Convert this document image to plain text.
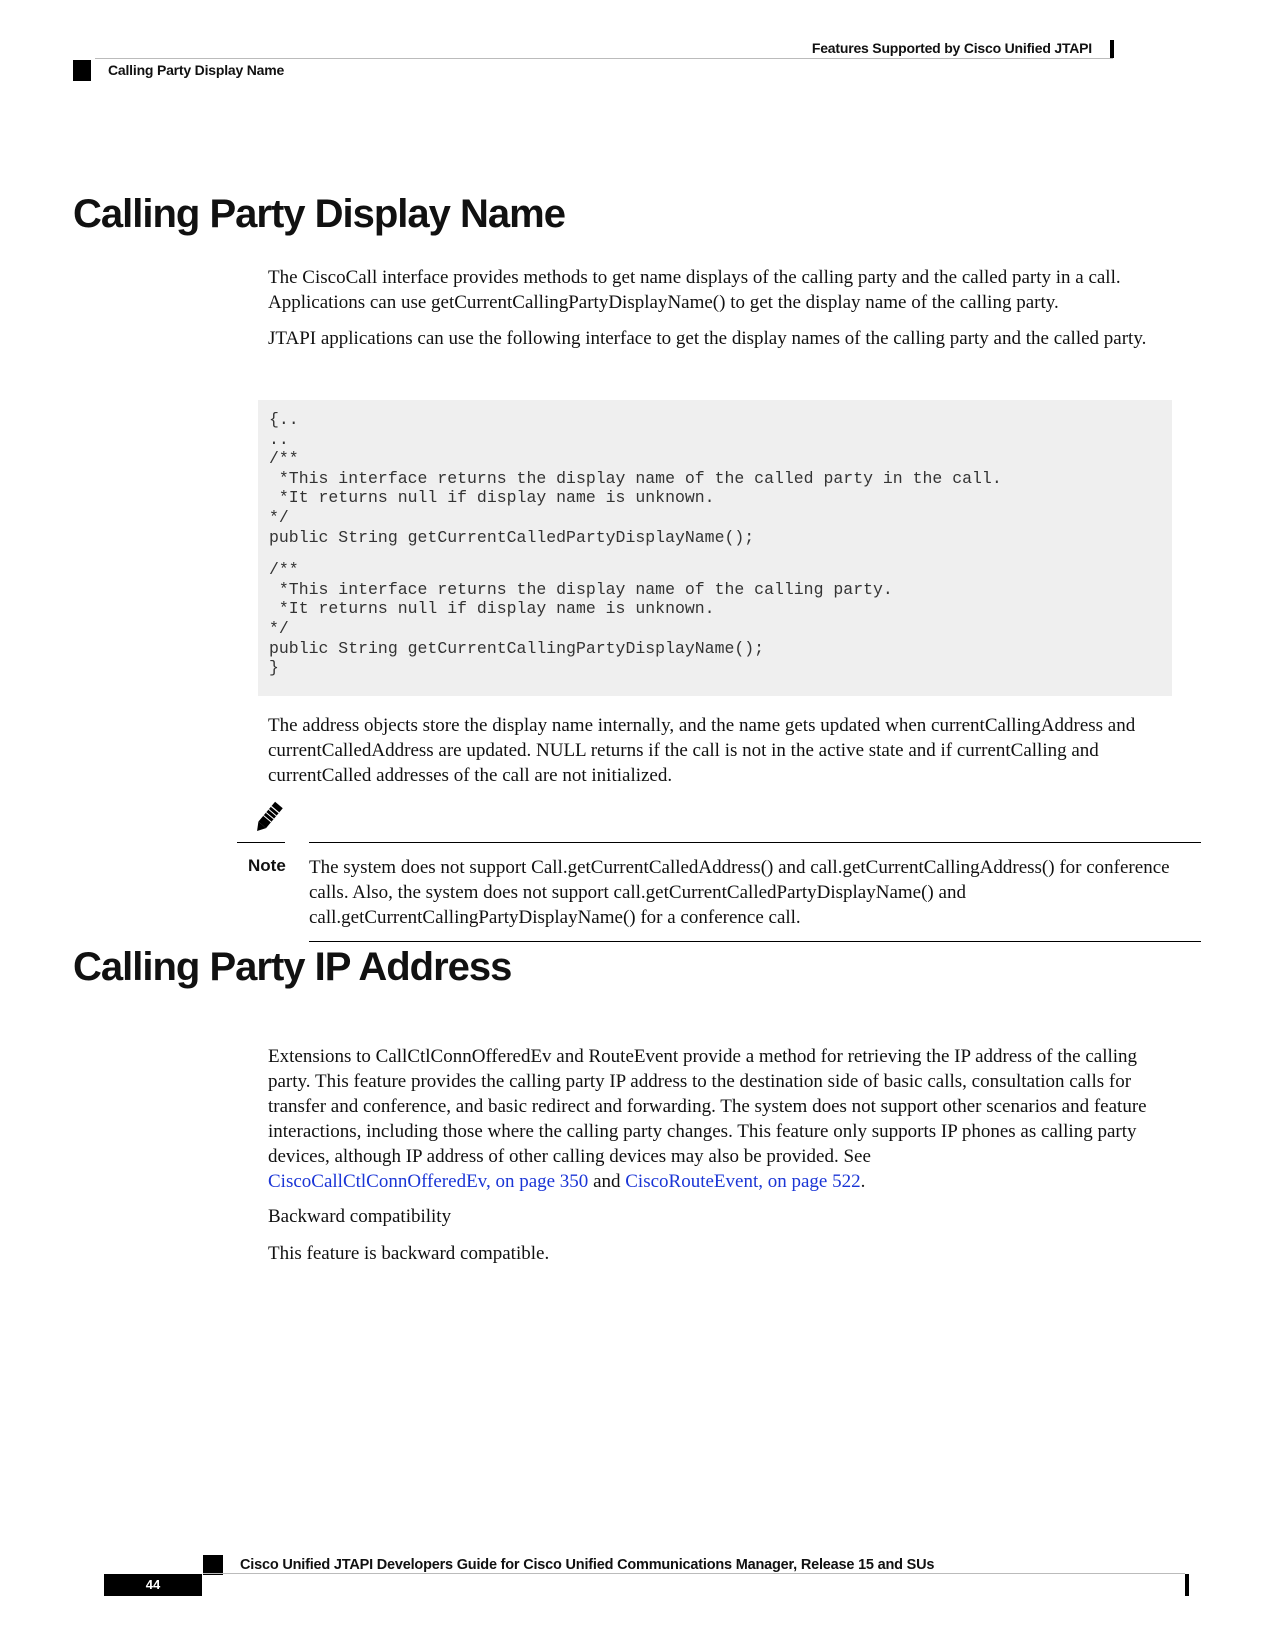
Features Supported by Cisco Unified JTAPI
Calling Party Display Name
Calling Party Display Name

The CiscoCall interface provides methods to get name displays of the calling party and the called party in a call. Applications can use getCurrentCallingPartyDisplayName() to get the display name of the calling party.

JTAPI applications can use the following interface to get the display names of the calling party and the called party.

{..
..
/**
*This interface returns the display name of the called party in the call.
*It returns null if display name is unknown.
*/
public String getCurrentCalledPartyDisplayName();
/**
*This interface returns the display name of the calling party.
*It returns null if display name is unknown.
*/
public String getCurrentCallingPartyDisplayName();
}

The address objects store the display name internally, and the name gets updated when currentCallingAddress and currentCalledAddress are updated. NULL returns if the call is not in the active state and if currentCalling and currentCalled addresses of the call are not initialized.

Note The system does not support Call.getCurrentCalledAddress() and call.getCurrentCallingAddress() for conference calls. Also, the system does not support call.getCurrentCalledPartyDisplayName() and call.getCurrentCallingPartyDisplayName() for a conference call.
Calling Party IP Address

Extensions to CallCtlConnOfferedEv and RouteEvent provide a method for retrieving the IP address of the calling party. This feature provides the calling party IP address to the destination side of basic calls, consultation calls for transfer and conference, and basic redirect and forwarding. The system does not support other scenarios and feature interactions, including those where the calling party changes. This feature only supports IP phones as calling party devices, although IP address of other calling devices may also be provided. See
CiscoCallCtlConnOfferedEv, on page 350 and CiscoRouteEvent, on page 522.

Backward compatibility

This feature is backward compatible.

Cisco Unified JTAPI Developers Guide for Cisco Unified Communications Manager, Release 15 and SUs
44
